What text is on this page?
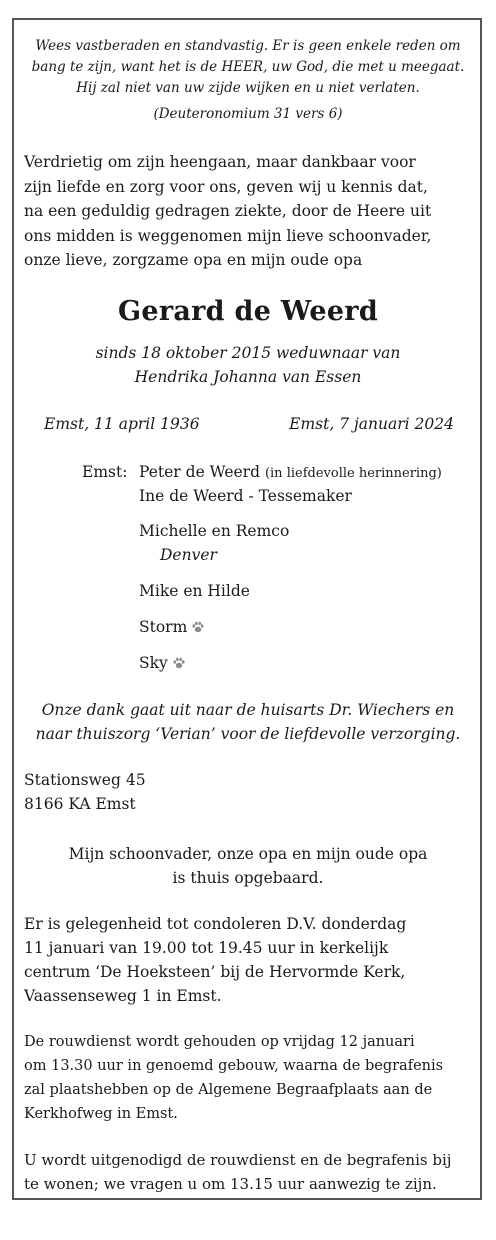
Wees vastberaden en standvastig. Er is geen enkele reden om
bang te zijn, want het is de HEER, uw God, die met u meegaat.
Hij zal niet van uw zijde wijken en u niet verlaten.
(Deuteronomium 31 vers 6)
Verdrietig om zijn heengaan, maar dankbaar voor
zijn liefde en zorg voor ons, geven wij u kennis dat,
na een geduldig gedragen ziekte, door de Heere uit
ons midden is weggenomen mijn lieve schoonvader,
onze lieve, zorgzame opa en mijn oude opa
Gerard de Weerd
sinds 18 oktober 2015 weduwnaar van
Hendrika Johanna van Essen
Emst, 11 april 1936	Emst, 7 januari 2024
Emst: Peter de Weerd (in liefdevolle herinnering)
Ine de Weerd - Tessemaker
Michelle en Remco
Denver
Mike en Hilde
Storm
Sky
Onze dank gaat uit naar de huisarts Dr. Wiechers en
naar thuiszorg ‘Verian’ voor de liefdevolle verzorging.
Stationsweg 45
8166 KA Emst
Mijn schoonvader, onze opa en mijn oude opa
is thuis opgebaard.
Er is gelegenheid tot condoleren D.V. donderdag
11 januari van 19.00 tot 19.45 uur in kerkelijk
centrum ‘De Hoeksteen’ bij de Hervormde Kerk,
Vaassenseweg 1 in Emst.
De rouwdienst wordt gehouden op vrijdag 12 januari
om 13.30 uur in genoemd gebouw, waarna de begrafenis
zal plaatshebben op de Algemene Begraafplaats aan de
Kerkhofweg in Emst.
U wordt uitgenodigd de rouwdienst en de begrafenis bij
te wonen; we vragen u om 13.15 uur aanwezig te zijn.
